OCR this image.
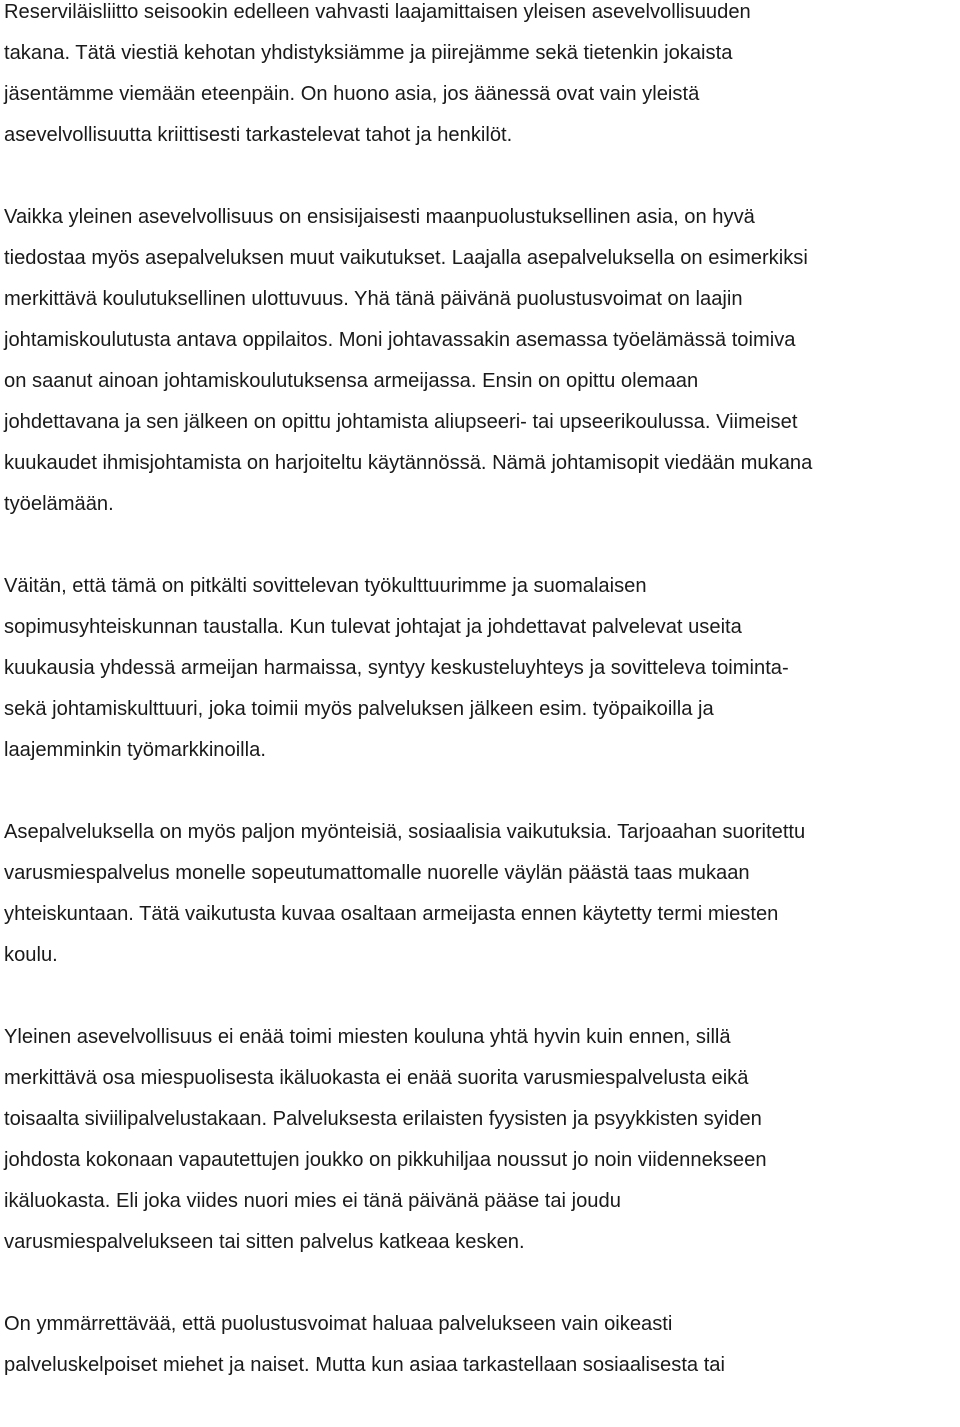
Reserviläisliitto seisookin edelleen vahvasti laajamittaisen yleisen asevelvollisuuden
takana. Tätä viestiä kehotan yhdistyksiämme ja piirejämme sekä tietenkin jokaista
jäsentämme viemään eteenpäin. On huono asia, jos äänessä ovat vain yleistä
asevelvollisuutta kriittisesti tarkastelevat tahot ja henkilöt.
Vaikka yleinen asevelvollisuus on ensisijaisesti maanpuolustuksellinen asia, on hyvä
tiedostaa myös asepalveluksen muut vaikutukset. Laajalla asepalveluksella on esimerkiksi
merkittävä koulutuksellinen ulottuvuus. Yhä tänä päivänä puolustusvoimat on laajin
johtamiskoulutusta antava oppilaitos. Moni johtavassakin asemassa työelämässä toimiva
on saanut ainoan johtamiskoulutuksensa armeijassa. Ensin on opittu olemaan
johdettavana ja sen jälkeen on opittu johtamista aliupseeri- tai upseerikoulussa. Viimeiset
kuukaudet ihmisjohtamista on harjoiteltu käytännössä. Nämä johtamisopit viedään mukana
työelämään.
Väitän, että tämä on pitkälti sovittelevan työkulttuurimme ja suomalaisen
sopimusyhteiskunnan taustalla. Kun tulevat johtajat ja johdettavat palvelevat useita
kuukausia yhdessä armeijan harmaissa, syntyy keskusteluyhteys ja sovitteleva toiminta-
sekä johtamiskulttuuri, joka toimii myös palveluksen jälkeen esim. työpaikoilla ja
laajemminkin työmarkkinoilla.
Asepalveluksella on myös paljon myönteisiä, sosiaalisia vaikutuksia. Tarjoaahan suoritettu
varusmiespalvelus monelle sopeutumattomalle nuorelle väylän päästä taas mukaan
yhteiskuntaan. Tätä vaikutusta kuvaa osaltaan armeijasta ennen käytetty termi miesten
koulu.
Yleinen asevelvollisuus ei enää toimi miesten kouluna yhtä hyvin kuin ennen, sillä
merkittävä osa miespuolisesta ikäluokasta ei enää suorita varusmiespalvelusta eikä
toisaalta siviilipalvelustakaan. Palveluksesta erilaisten fyysisten ja psyykkisten syiden
johdosta kokonaan vapautettujen joukko on pikkuhiljaa noussut jo noin viidennekseen
ikäluokasta. Eli joka viides nuori mies ei tänä päivänä pääse tai joudu
varusmiespalvelukseen tai sitten palvelus katkeaa kesken.
On ymmärrettävää, että puolustusvoimat haluaa palvelukseen vain oikeasti
palveluskelpoiset miehet ja naiset. Mutta kun asiaa tarkastellaan sosiaalisesta tai
